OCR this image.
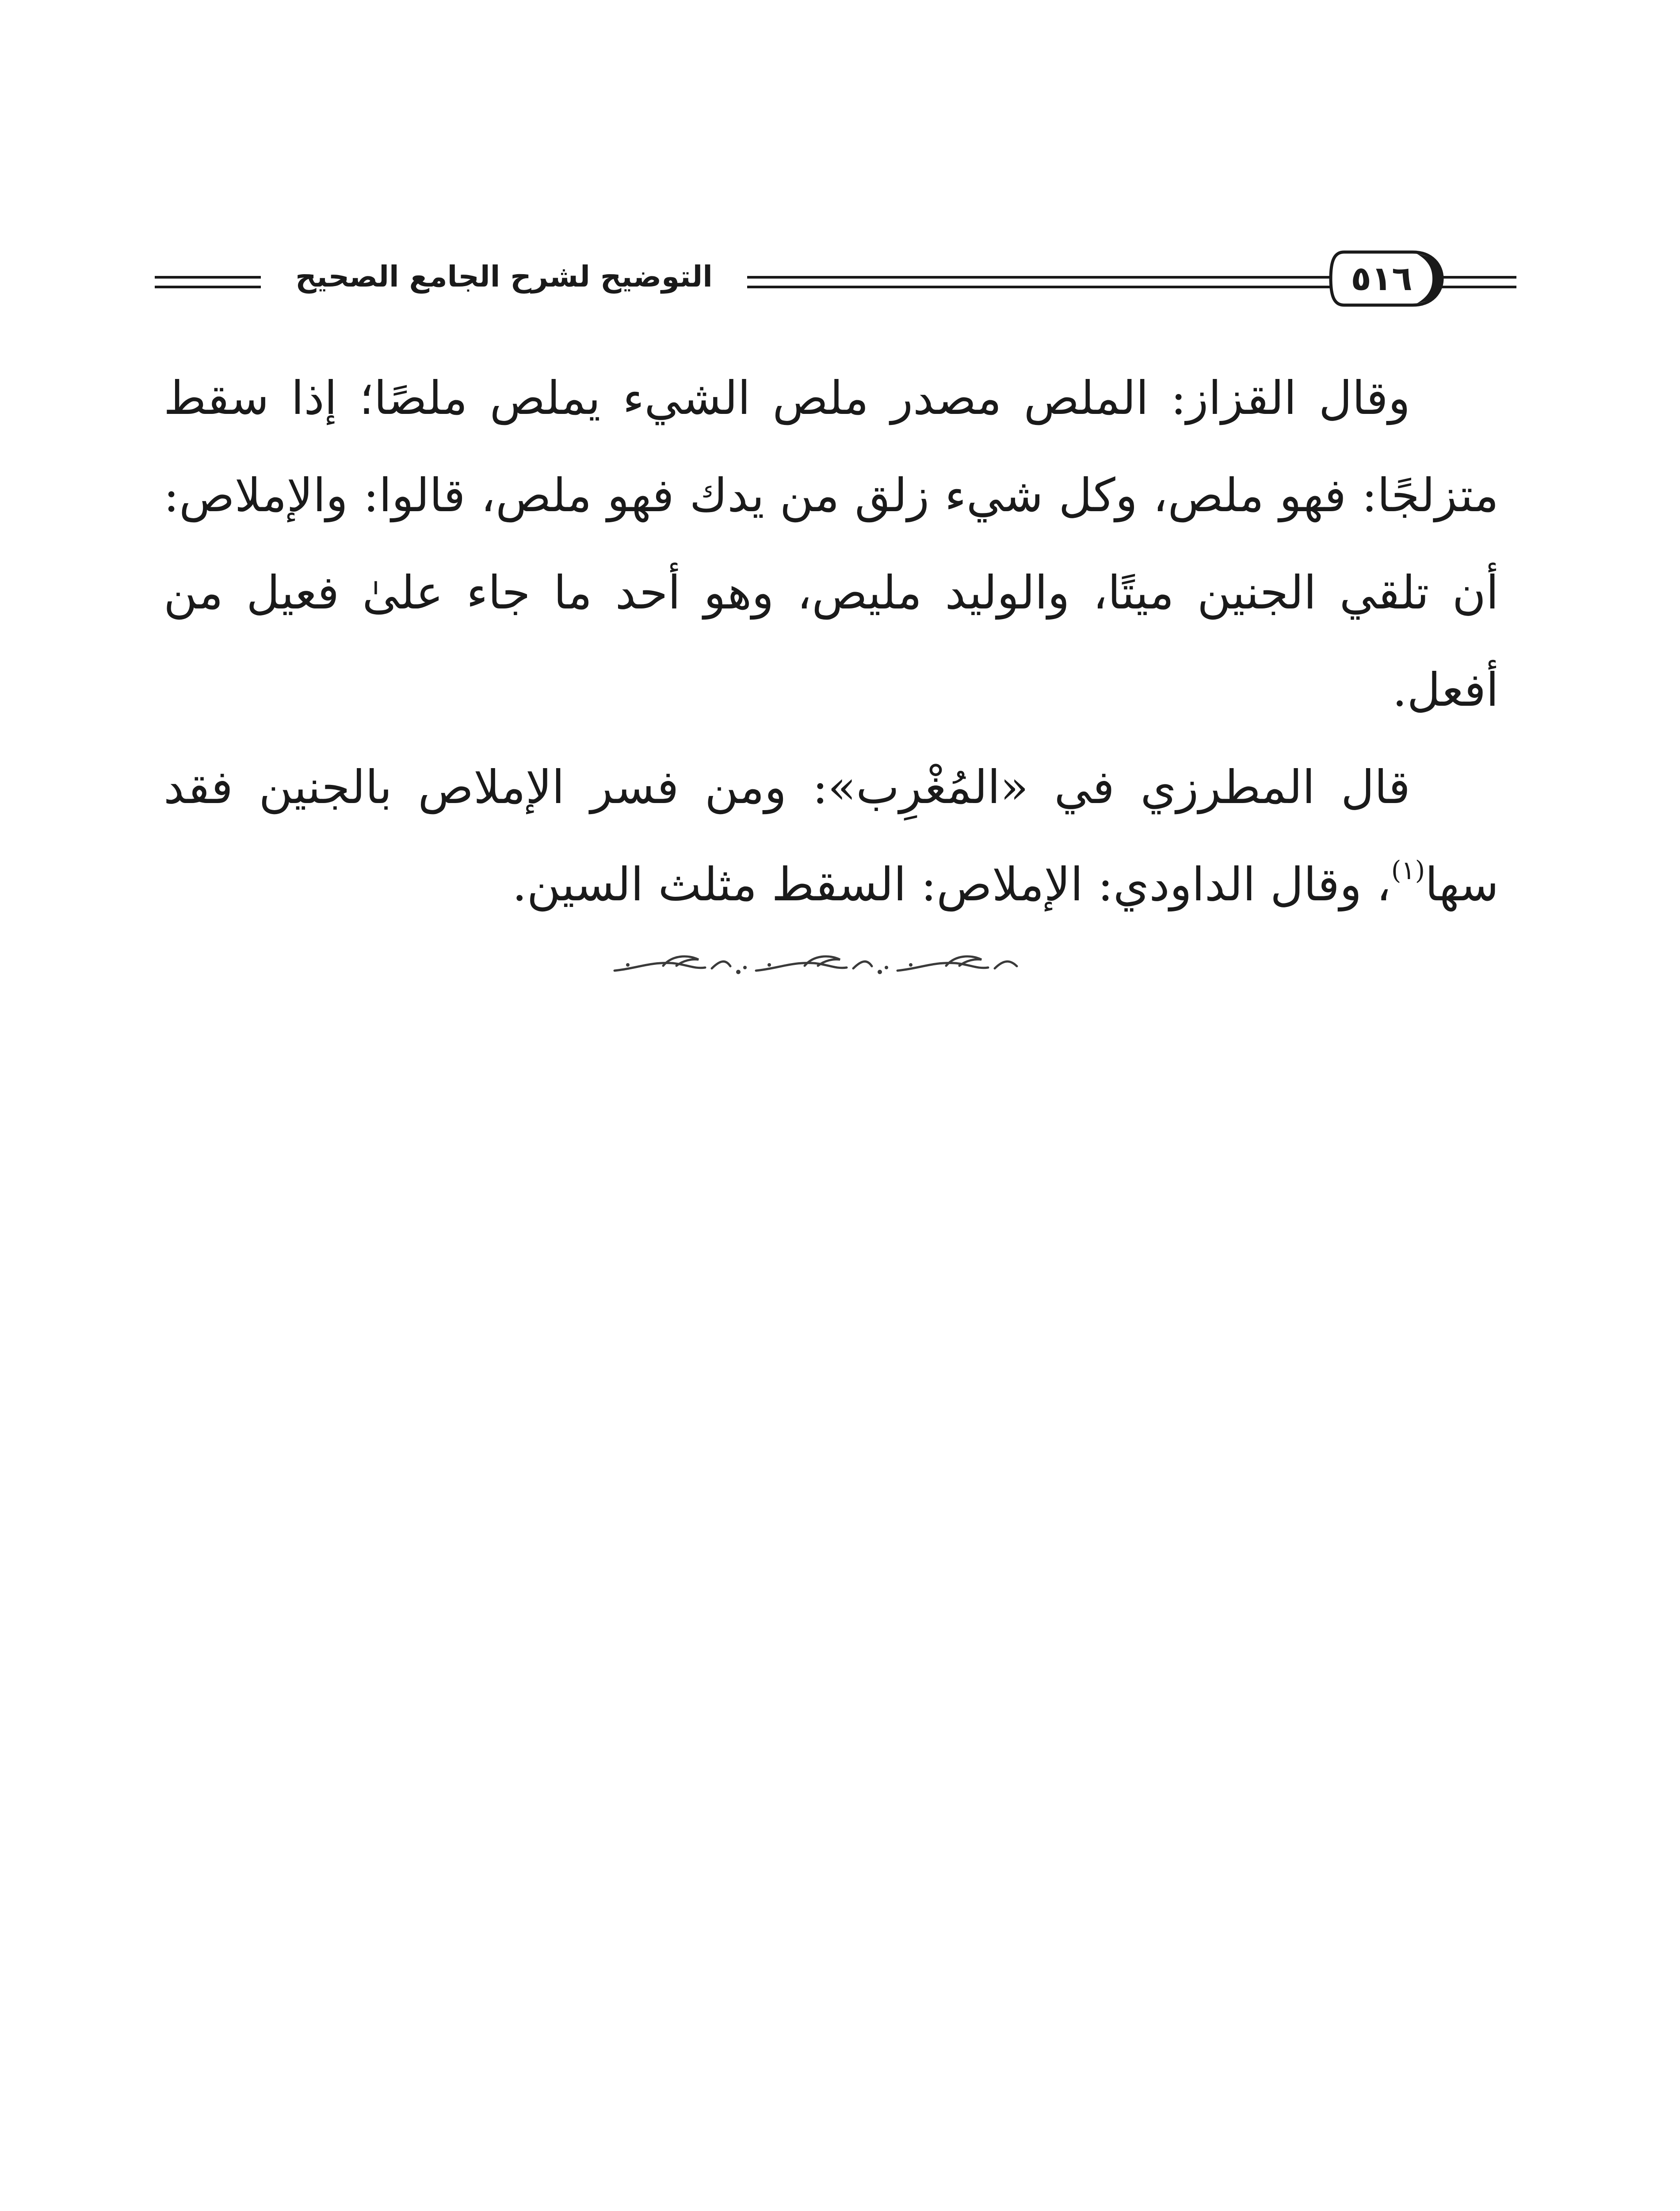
التوضيح لشرح الجامع الصحيح	٥١٦

وقال القزاز: الملص مصدر ملص الشيء يملص ملصًا؛ إذا سقط متزلجًا: فهو ملص، وكل شيء زلق من يدك فهو ملص، قالوا: والإملاص: أن تلقي الجنين ميتًا، والوليد مليص، وهو أحد ما جاء علىٰ فعيل من أفعل.

قال المطرزي في «المُغْرِب»: ومن فسر الإملاص بالجنين فقد سها$^{(١)}$، وقال الداودي: الإملاص: السقط مثلث السين.
